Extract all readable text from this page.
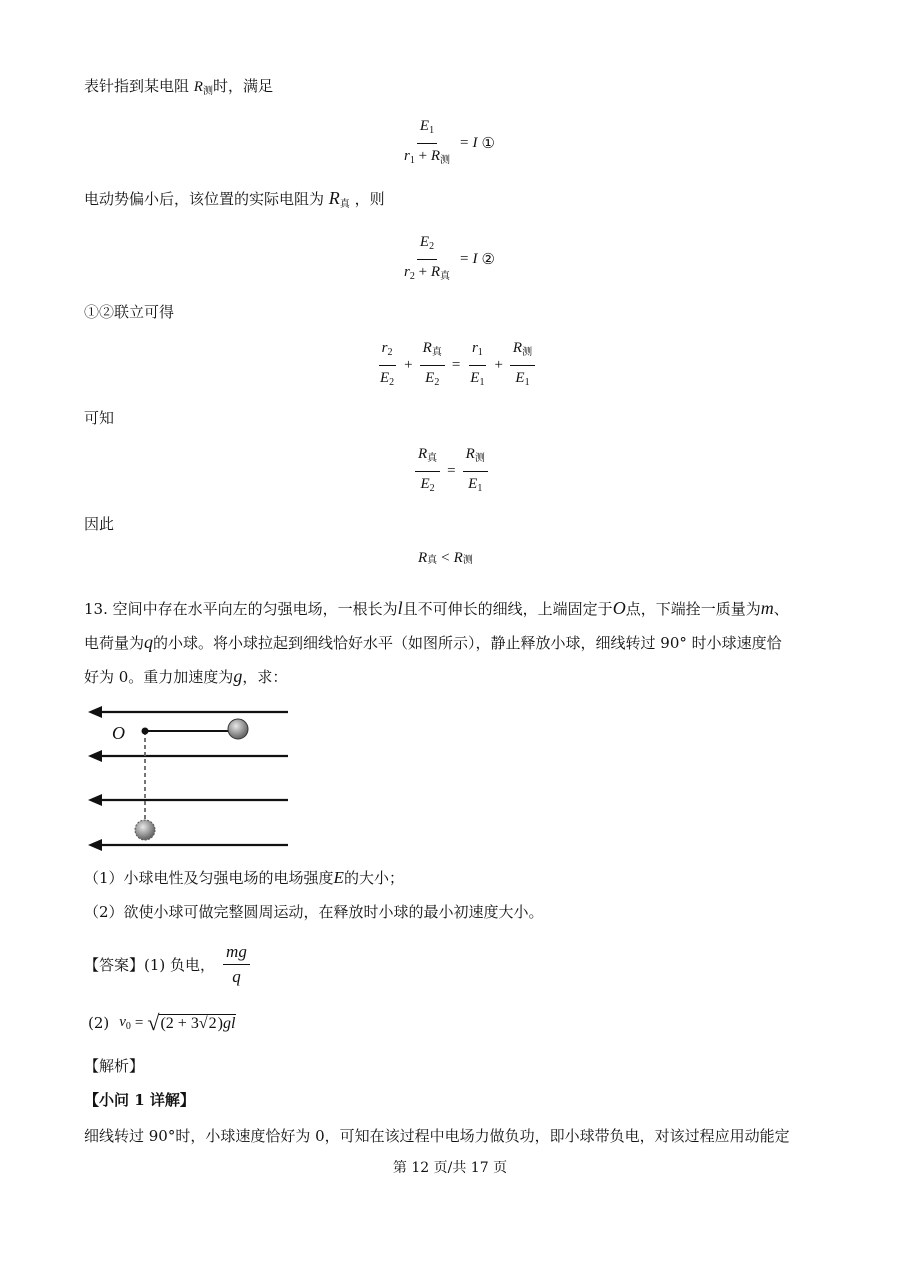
表针指到某电阻 $R_测$时，满足
$\frac{E_1}{r_1 + R_测} = I$ ①
电动势偏小后，该位置的实际电阻为 $R_真$ ，则
$\frac{E_2}{r_2 + R_真} = I$ ②
①②联立可得
$\frac{r_2}{E_2} + \frac{R_真}{E_2} = \frac{r_1}{E_1} + \frac{R_测}{E_1}$
可知
$\frac{R_真}{E_2} = \frac{R_测}{E_1}$
因此
R 真 < R 测
13. 空间中存在水平向左的匀强电场，一根长为l且不可伸长的细线，上端固定于O点，下端拴一质量为m、
电荷量为q的小球。将小球拉起到细线恰好水平（如图所示），静止释放小球，细线转过 90° 时小球速度恰
好为 0。重力加速度为g，求：
O
（1）小球电性及匀强电场的电场强度E的大小；
（2）欲使小球可做完整圆周运动，在释放时小球的最小初速度大小。
【答案】 (1) 负电， $\frac{mg}{q}$
(2) $v_0$ = √ (2 + 3√2)gl
【解析】
【小问 1 详解】
细线转过 90°时，小球速度恰好为 0，可知在该过程中电场力做负功，即小球带负电，对该过程应用动能定
第 12 页/共 17 页
